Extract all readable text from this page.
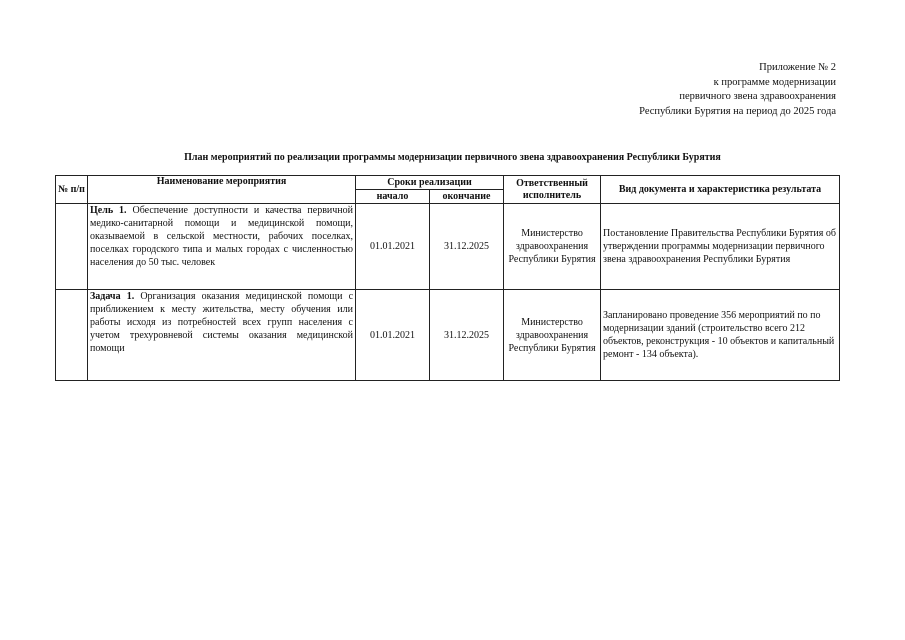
Приложение № 2
к программе модернизации
первичного звена здравоохранения
Республики Бурятия на период до 2025 года
План мероприятий по реализации программы модернизации первичного звена здравоохранения Республики Бурятия
№ п/п	Наименование мероприятия	Сроки реализации		Ответственный исполнитель	Вид документа и характеристика результата
		начало	окончание		
	Цель 1. Обеспечение доступности и качества первичной медико-санитарной помощи и медицинской помощи, оказываемой в сельской местности, рабочих поселках, поселках городского типа и малых городах с численностью населения до 50 тыс. человек	01.01.2021	31.12.2025	Министерство здравоохранения Республики Бурятия	Постановление Правительства Республики Бурятия об утверждении программы модернизации первичного звена здравоохранения Республики Бурятия
	Задача 1. Организация оказания медицинской помощи с приближением к месту жительства, месту обучения или работы исходя из потребностей всех групп населения с учетом трехуровневой системы оказания медицинской помощи	01.01.2021	31.12.2025	Министерство здравоохранения Республики Бурятия	Запланировано проведение 356 мероприятий по по модернизации зданий (строительство всего 212 объектов, реконструкция - 10 объектов и капитальный ремонт - 134 объекта).
